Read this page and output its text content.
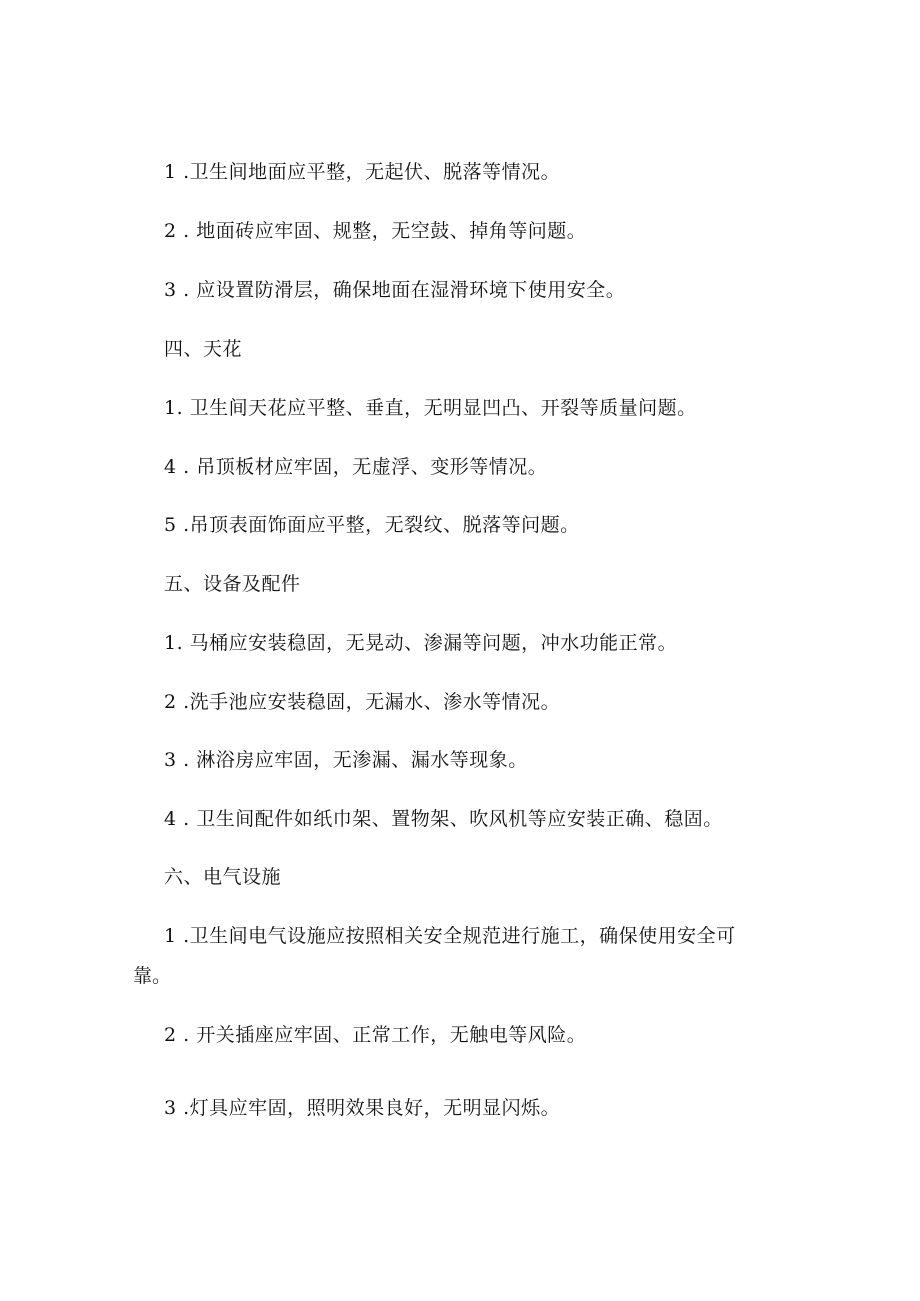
1 .卫生间地面应平整，无起伏、脱落等情况。
2 . 地面砖应牢固、规整，无空鼓、掉角等问题。
3 . 应设置防滑层，确保地面在湿滑环境下使用安全。
四、天花
1. 卫生间天花应平整、垂直，无明显凹凸、开裂等质量问题。
4 . 吊顶板材应牢固，无虚浮、变形等情况。
5 .吊顶表面饰面应平整，无裂纹、脱落等问题。
五、设备及配件
1. 马桶应安装稳固，无晃动、渗漏等问题，冲水功能正常。
2 .洗手池应安装稳固，无漏水、渗水等情况。
3 . 淋浴房应牢固，无渗漏、漏水等现象。
4 . 卫生间配件如纸巾架、置物架、吹风机等应安装正确、稳固。
六、电气设施
1 .卫生间电气设施应按照相关安全规范进行施工，确保使用安全可
靠。
2 . 开关插座应牢固、正常工作，无触电等风险。
3 .灯具应牢固，照明效果良好，无明显闪烁。
